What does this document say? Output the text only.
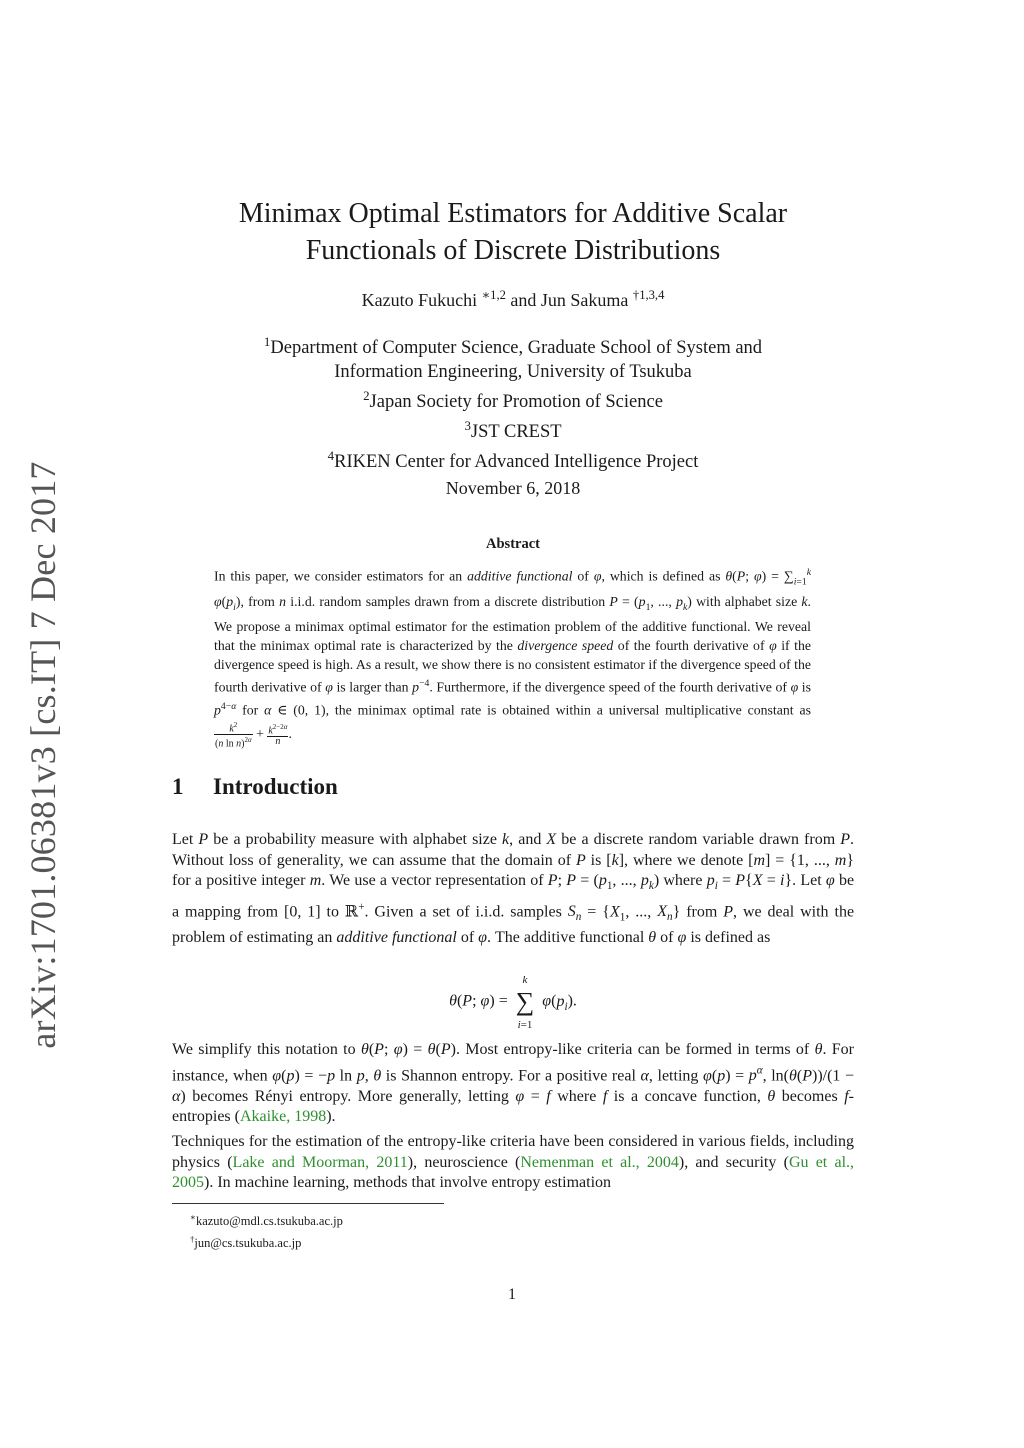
arXiv:1701.06381v3 [cs.IT] 7 Dec 2017
Minimax Optimal Estimators for Additive Scalar
Functionals of Discrete Distributions
Kazuto Fukuchi $^{∗1,2}$ and Jun Sakuma $^{\dagger 1,3,4}$
$^1$Department of Computer Science, Graduate School of System and
Information Engineering, University of Tsukuba
$^2$Japan Society for Promotion of Science
$^3$JST CREST
$^4$RIKEN Center for Advanced Intelligence Project
November 6, 2018
Abstract
In this paper, we consider estimators for an additive functional of φ, which is defined as θ(P; $\varphi) = \sum_{i=1}^k$ $\varphi(p_i)$, from n i.i.d. random samples drawn from a discrete distribution $P = (p_1$, ..., $p_k$) with alphabet size k. We propose a minimax optimal estimator for the estimation problem of the additive functional. We reveal that the minimax optimal rate is characterized by the divergence speed of the fourth derivative of φ if the divergence speed is high. As a result, we show there is no consistent estimator if the divergence speed of the fourth derivative of φ is larger than $p^{-4}$. Furthermore, if the divergence speed of the fourth derivative of φ is $p^{4-\alpha}$ for α ∈ (0, 1), the minimax optimal rate is obtained within a universal multiplicative constant as
$\frac{k^2}{(n \ln n)^{2\alpha}} + \frac{k^{2-2\alpha}}{n}$ .
1 Introduction
Let P be a probability measure with alphabet size k, and X be a discrete random variable drawn from P. Without loss of generality, we can assume that the domain of P is [k], where we denote [m] = {1, ..., m} for a positive integer m. We use a vector representation of P; $P = (p_1$, ..., $p_k$) where $p_i = P\{X = i\}$. Let φ be a mapping from [0, 1] to ℝ+. Given a set of i.i.d. samples $S_n = \{X_1$, ..., $X_n$} from P, we deal with the problem of estimating an additive functional of φ. The additive functional θ of φ is defined as
θ(P; φ) =
k
∑
i=1
$\varphi(p_i)$.
We simplify this notation to θ(P; φ) = θ(P). Most entropy-like criteria can be formed in terms of θ. For instance, when φ(p) = −p ln p, θ is Shannon entropy. For a positive real α, letting $\varphi(p) = p^\alpha$, ln(θ(P))/(1 − α) becomes Rényi entropy. More generally, letting φ = f where f is a concave function, θ becomes f-entropies (Akaike, 1998).
Techniques for the estimation of the entropy-like criteria have been considered in various fields, including physics (Lake and Moorman, 2011), neuroscience (Nemenman et al., 2004), and security (Gu et al., 2005). In machine learning, methods that involve entropy estimation
∗kazuto@mdl.cs.tsukuba.ac.jp
†jun@cs.tsukuba.ac.jp
1
